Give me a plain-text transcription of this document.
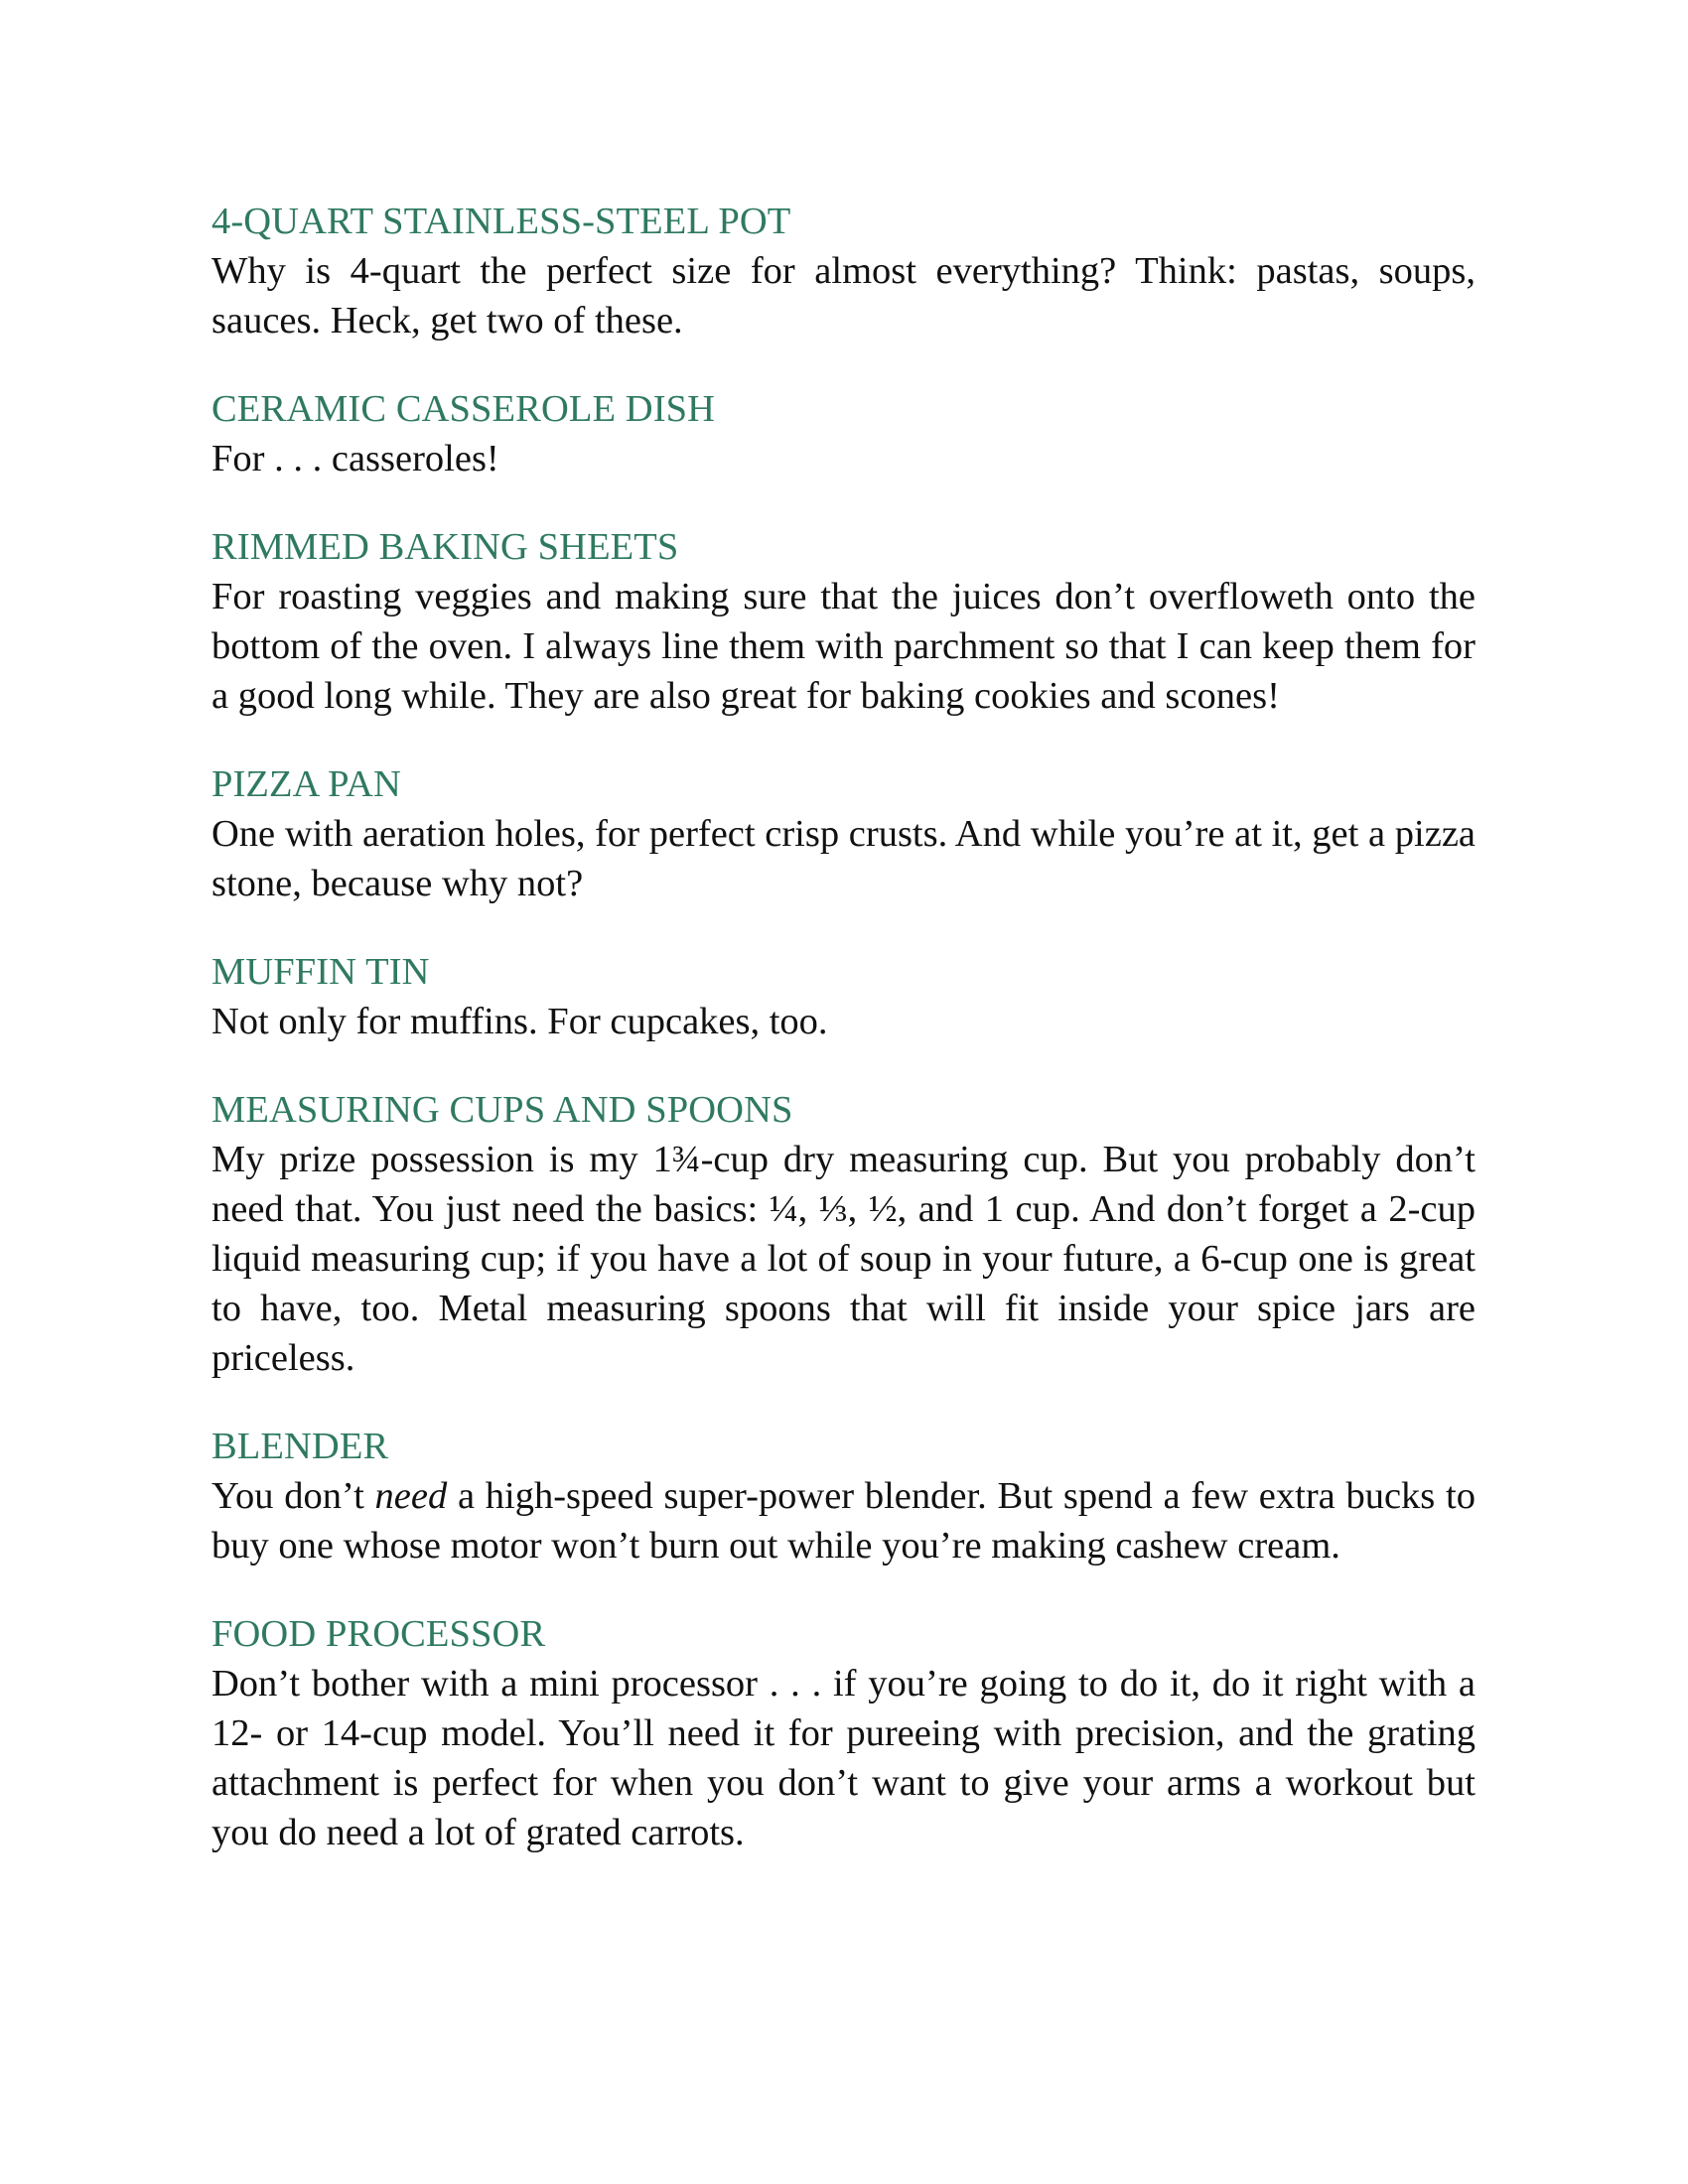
4-QUART STAINLESS-STEEL POT

Why is 4-quart the perfect size for almost everything? Think: pastas, soups, sauces. Heck, get two of these.

CERAMIC CASSEROLE DISH

For . . . casseroles!

RIMMED BAKING SHEETS

For roasting veggies and making sure that the juices don’t overfloweth onto the bottom of the oven. I always line them with parchment so that I can keep them for a good long while. They are also great for baking cookies and scones!

PIZZA PAN

One with aeration holes, for perfect crisp crusts. And while you’re at it, get a pizza stone, because why not?

MUFFIN TIN

Not only for muffins. For cupcakes, too.

MEASURING CUPS AND SPOONS

My prize possession is my 1¾-cup dry measuring cup. But you probably don’t need that. You just need the basics: ¼, ⅓, ½, and 1 cup. And don’t forget a 2-cup liquid measuring cup; if you have a lot of soup in your future, a 6-cup one is great to have, too. Metal measuring spoons that will fit inside your spice jars are priceless.

BLENDER

You don’t need a high-speed super-power blender. But spend a few extra bucks to buy one whose motor won’t burn out while you’re making cashew cream.

FOOD PROCESSOR

Don’t bother with a mini processor . . . if you’re going to do it, do it right with a 12- or 14-cup model. You’ll need it for pureeing with precision, and the grating attachment is perfect for when you don’t want to give your arms a workout but you do need a lot of grated carrots.
